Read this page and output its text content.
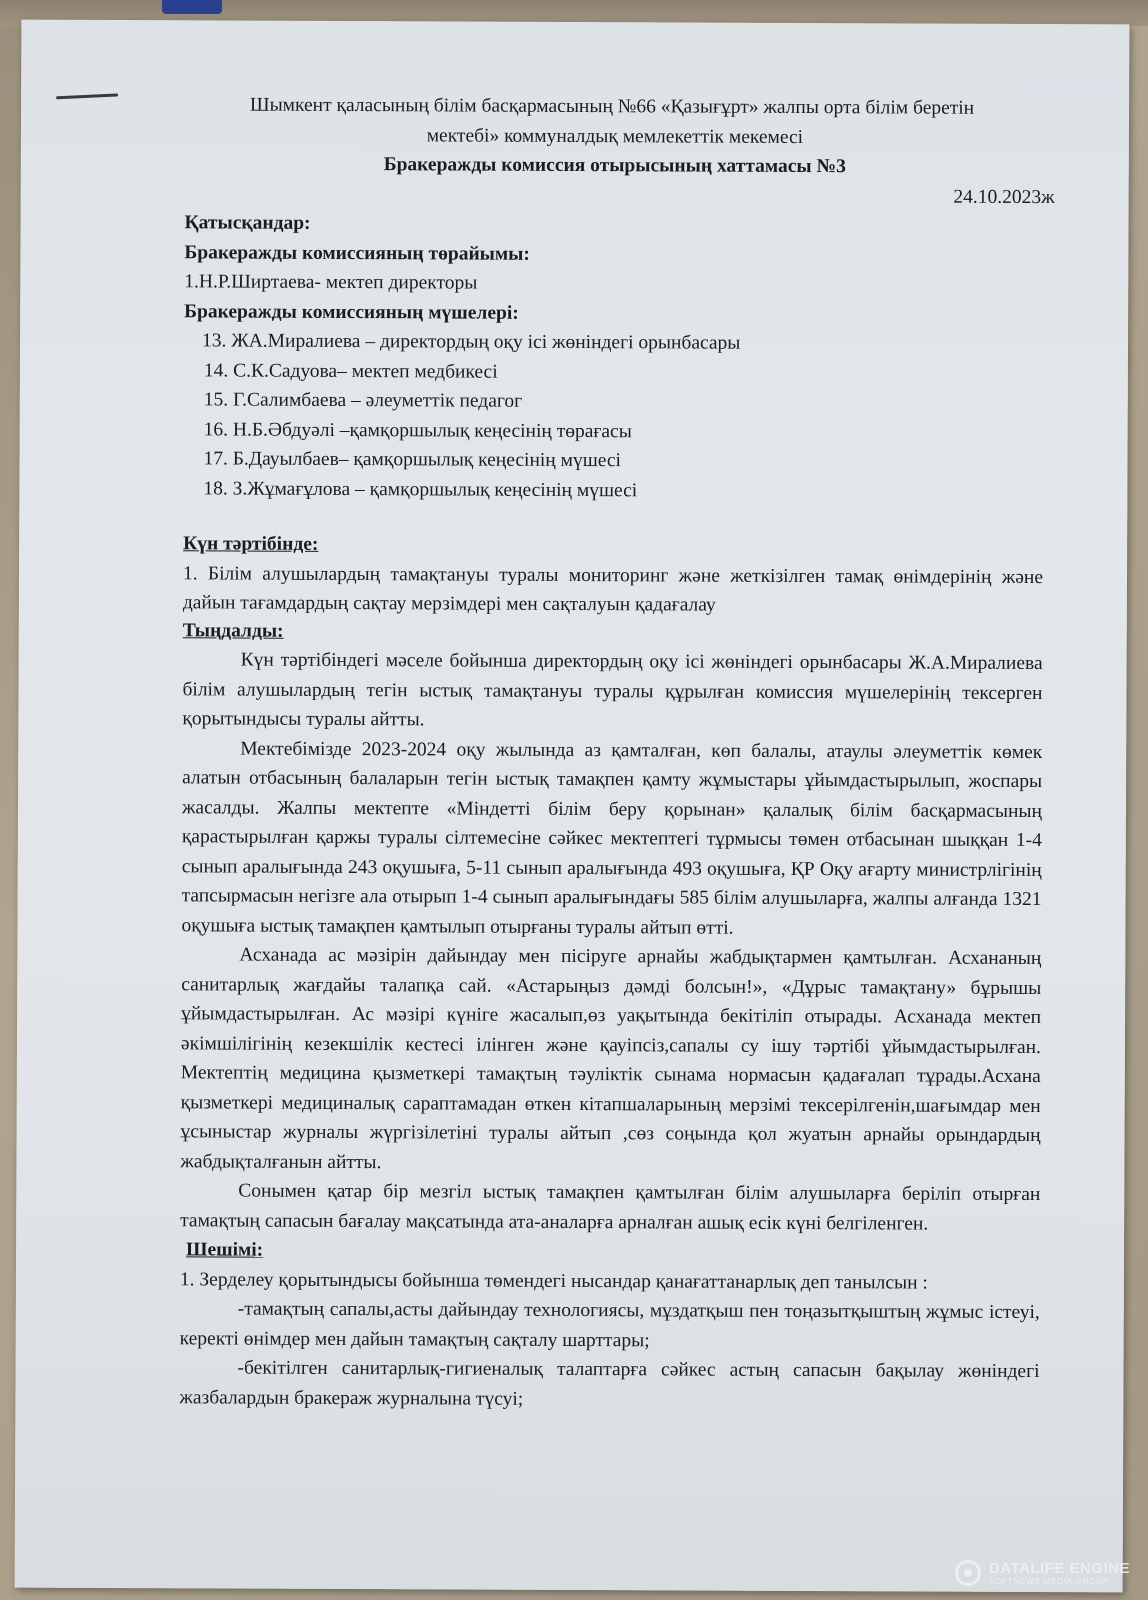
Шымкент қаласының білім басқармасының №66 «Қазығұрт» жалпы орта білім беретін
мектебі» коммуналдық мемлекеттік мекемесі
Бракеражды комиссия отырысының хаттамасы №3
24.10.2023ж
Қатысқандар:
Бракеражды комиссияның төрайымы:
1.Н.Р.Ширтаева- мектеп директоры
Бракеражды комиссияның мүшелері:
13. ЖА.Миралиева – директордың оқу ісі жөніндегі орынбасары
14. С.К.Садуова– мектеп медбикесі
15. Г.Салимбаева – әлеуметтік педагог
16. Н.Б.Әбдуәлі –қамқоршылық кеңесінің төрағасы
17. Б.Дауылбаев– қамқоршылық кеңесінің мүшесі
18. З.Жұмағұлова – қамқоршылық кеңесінің мүшесі
Күн тәртібінде:
1. Білім алушылардың тамақтануы туралы мониторинг және жеткізілген тамақ өнімдерінің және дайын тағамдардың сақтау мерзімдері мен сақталуын қадағалау
Тыңдалды:
Күн тәртібіндегі мәселе бойынша директордың оқу ісі жөніндегі орынбасары Ж.А.Миралиева білім алушылардың тегін ыстық тамақтануы туралы құрылған комиссия мүшелерінің тексерген қорытындысы туралы айтты.
Мектебімізде 2023-2024 оқу жылында аз қамталған, көп балалы, атаулы әлеуметтік көмек алатын отбасының балаларын тегін ыстық тамақпен қамту жұмыстары ұйымдастырылып, жоспары жасалды. Жалпы мектепте «Міндетті білім беру қорынан» қалалық білім басқармасының қарастырылған қаржы туралы сілтемесіне сәйкес мектептегі тұрмысы төмен отбасынан шыққан 1-4 сынып аралығында 243 оқушыға, 5-11 сынып аралығында 493 оқушыға, ҚР Оқу ағарту министрлігінің тапсырмасын негізге ала отырып 1-4 сынып аралығындағы 585 білім алушыларға, жалпы алғанда 1321 оқушыға ыстық тамақпен қамтылып отырғаны туралы айтып өтті.
Асханада ас мәзірін дайындау мен пісіруге арнайы жабдықтармен қамтылған. Асхананың санитарлық жағдайы талапқа сай. «Астарыңыз дәмді болсын!», «Дұрыс тамақтану» бұрышы ұйымдастырылған. Ас мәзірі күніге жасалып,өз уақытында бекітіліп отырады. Асханада мектеп әкімшілігінің кезекшілік кестесі ілінген және қауіпсіз,сапалы су ішу тәртібі ұйымдастырылған. Мектептің медицина қызметкері тамақтың тәуліктік сынама нормасын қадағалап тұрады.Асхана қызметкері медициналық сараптамадан өткен кітапшаларының мерзімі тексерілгенін,шағымдар мен ұсыныстар журналы жүргізілетіні туралы айтып ,сөз соңында қол жуатын арнайы орындардың жабдықталғанын айтты.
Сонымен қатар бір мезгіл ыстық тамақпен қамтылған білім алушыларға беріліп отырған тамақтың сапасын бағалау мақсатында ата-аналарға арналған ашық есік күні белгіленген.
Шешімі:
1. Зерделеу қорытындысы бойынша төмендегі нысандар қанағаттанарлық деп танылсын :
-тамақтың сапалы,асты дайындау технологиясы, мұздатқыш пен тоңазытқыштың жұмыс істеуі, керекті өнімдер мен дайын тамақтың сақталу шарттары;
-бекітілген санитарлық-гигиеналық талаптарға сәйкес астың сапасын бақылау жөніндегі жазбалардын бракераж журналына түсуі;
DATALIFE ENGINE
SOFTNEWS MEDIA GROUP
